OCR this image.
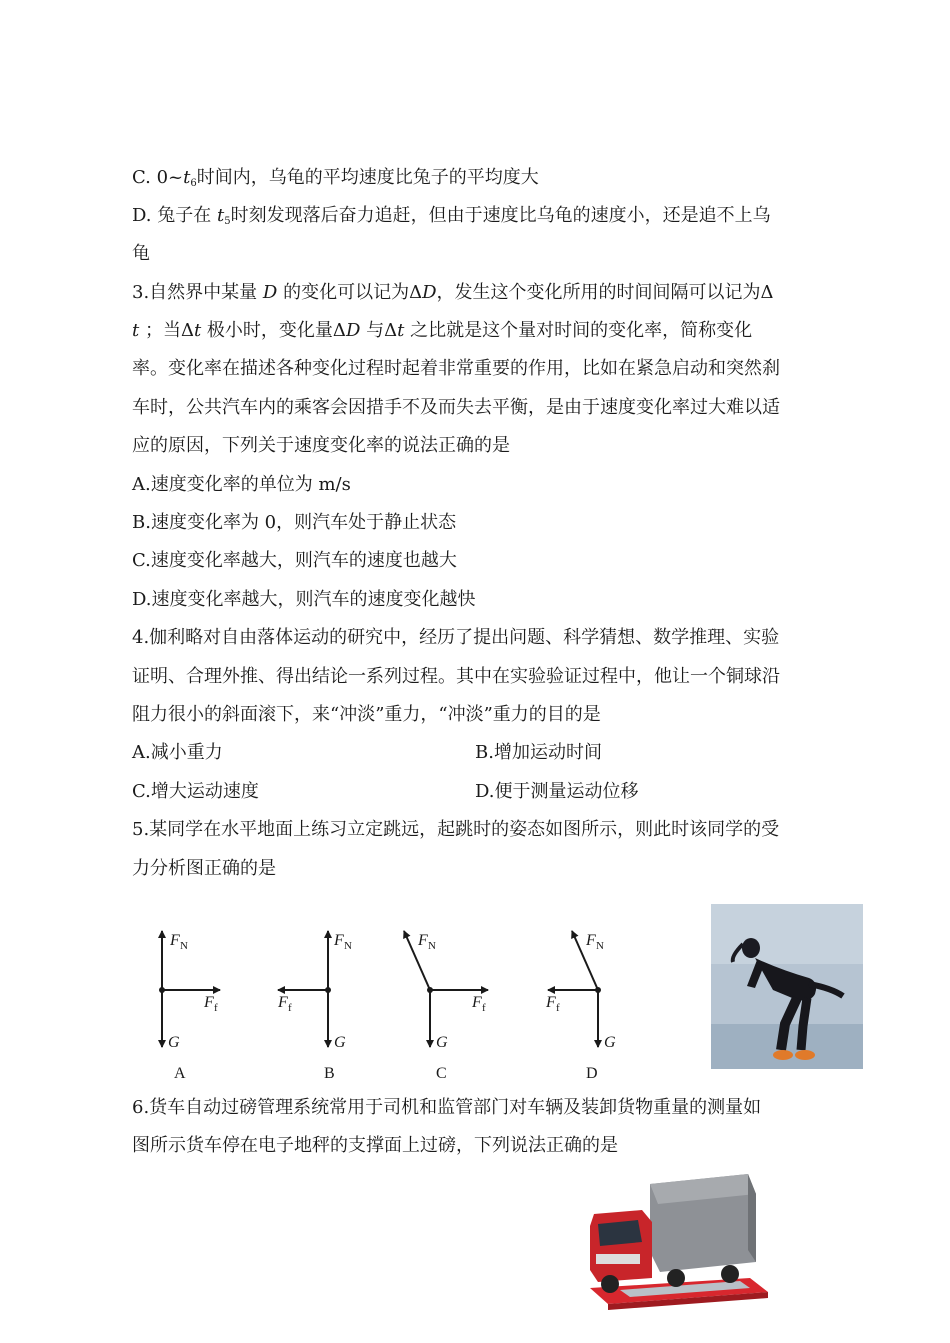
C. $0\sim t_6$时间内，乌龟的平均速度比兔子的平均度大
D. 兔子在 $t_5$时刻发现落后奋力追赶，但由于速度比乌龟的速度小，还是追不上乌
龟
3.自然界中某量 D 的变化可以记为ΔD，发生这个变化所用的时间间隔可以记为Δ
t ；当Δt 极小时，变化量ΔD 与Δt 之比就是这个量对时间的变化率，简称变化
率。变化率在描述各种变化过程时起着非常重要的作用，比如在紧急启动和突然刹
车时，公共汽车内的乘客会因措手不及而失去平衡，是由于速度变化率过大难以适
应的原因，下列关于速度变化率的说法正确的是
A.速度变化率的单位为 m/s
B.速度变化率为 0，则汽车处于静止状态
C.速度变化率越大，则汽车的速度也越大
D.速度变化率越大，则汽车的速度变化越快
4.伽利略对自由落体运动的研究中，经历了提出问题、科学猜想、数学推理、实验
证明、合理外推、得出结论一系列过程。其中在实验验证过程中，他让一个铜球沿
阻力很小的斜面滚下，来“冲淡”重力，“冲淡”重力的目的是
A.减小重力	B.增加运动时间
C.增大运动速度	D.便于测量运动位移
5.某同学在水平地面上练习立定跳远，起跳时的姿态如图所示，则此时该同学的受
力分析图正确的是
F N
F f
G
F N
F f
G
F N
F f
G
F N
F f
G
A	B	C	D
6.货车自动过磅管理系统常用于司机和监管部门对车辆及装卸货物重量的测量如
图所示货车停在电子地秤的支撑面上过磅，下列说法正确的是
